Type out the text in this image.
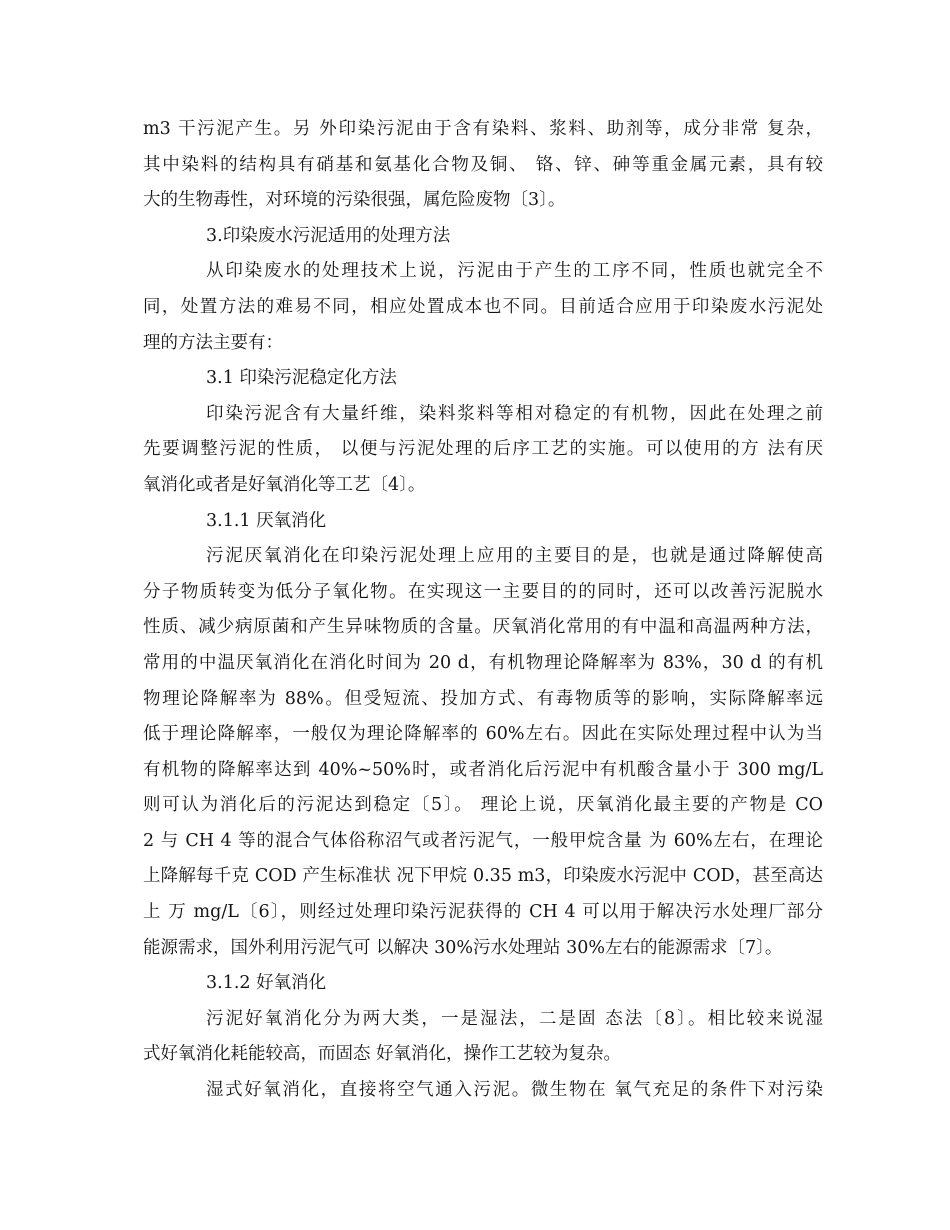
m3 干污泥产生。另 外印染污泥由于含有染料、浆料、助剂等，成分非常 复杂，
其中染料的结构具有硝基和氨基化合物及铜、 铬、锌、砷等重金属元素，具有较
大的生物毒性，对环境的污染很强，属危险废物〔3〕。
3.印染废水污泥适用的处理方法
从印染废水的处理技术上说，污泥由于产生的工序不同，性质也就完全不
同，处置方法的难易不同，相应处置成本也不同。目前适合应用于印染废水污泥处
理的方法主要有：
3.1 印染污泥稳定化方法
印染污泥含有大量纤维，染料浆料等相对稳定的有机物，因此在处理之前
先要调整污泥的性质， 以便与污泥处理的后序工艺的实施。可以使用的方 法有厌
氧消化或者是好氧消化等工艺〔4〕。
3.1.1 厌氧消化
污泥厌氧消化在印染污泥处理上应用的主要目的是，也就是通过降解使高
分子物质转变为低分子氧化物。在实现这一主要目的的同时，还可以改善污泥脱水
性质、减少病原菌和产生异味物质的含量。厌氧消化常用的有中温和高温两种方法，
常用的中温厌氧消化在消化时间为 20 d，有机物理论降解率为 83%，30 d 的有机
物理论降解率为 88%。但受短流、投加方式、有毒物质等的影响，实际降解率远
低于理论降解率，一般仅为理论降解率的 60%左右。因此在实际处理过程中认为当
有机物的降解率达到 40%~50%时，或者消化后污泥中有机酸含量小于 300 mg/L
则可认为消化后的污泥达到稳定〔5〕。 理论上说，厌氧消化最主要的产物是 CO
2 与 CH 4 等的混合气体俗称沼气或者污泥气，一般甲烷含量 为 60%左右，在理论
上降解每千克 COD 产生标准状 况下甲烷 0.35 m3，印染废水污泥中 COD，甚至高达
上 万 mg/L〔6〕，则经过处理印染污泥获得的 CH 4 可以用于解决污水处理厂部分
能源需求，国外利用污泥气可 以解决 30%污水处理站 30%左右的能源需求〔7〕。
3.1.2 好氧消化
污泥好氧消化分为两大类，一是湿法，二是固 态法〔8〕。相比较来说湿
式好氧消化耗能较高，而固态 好氧消化，操作工艺较为复杂。
湿式好氧消化，直接将空气通入污泥。微生物在 氧气充足的条件下对污染
